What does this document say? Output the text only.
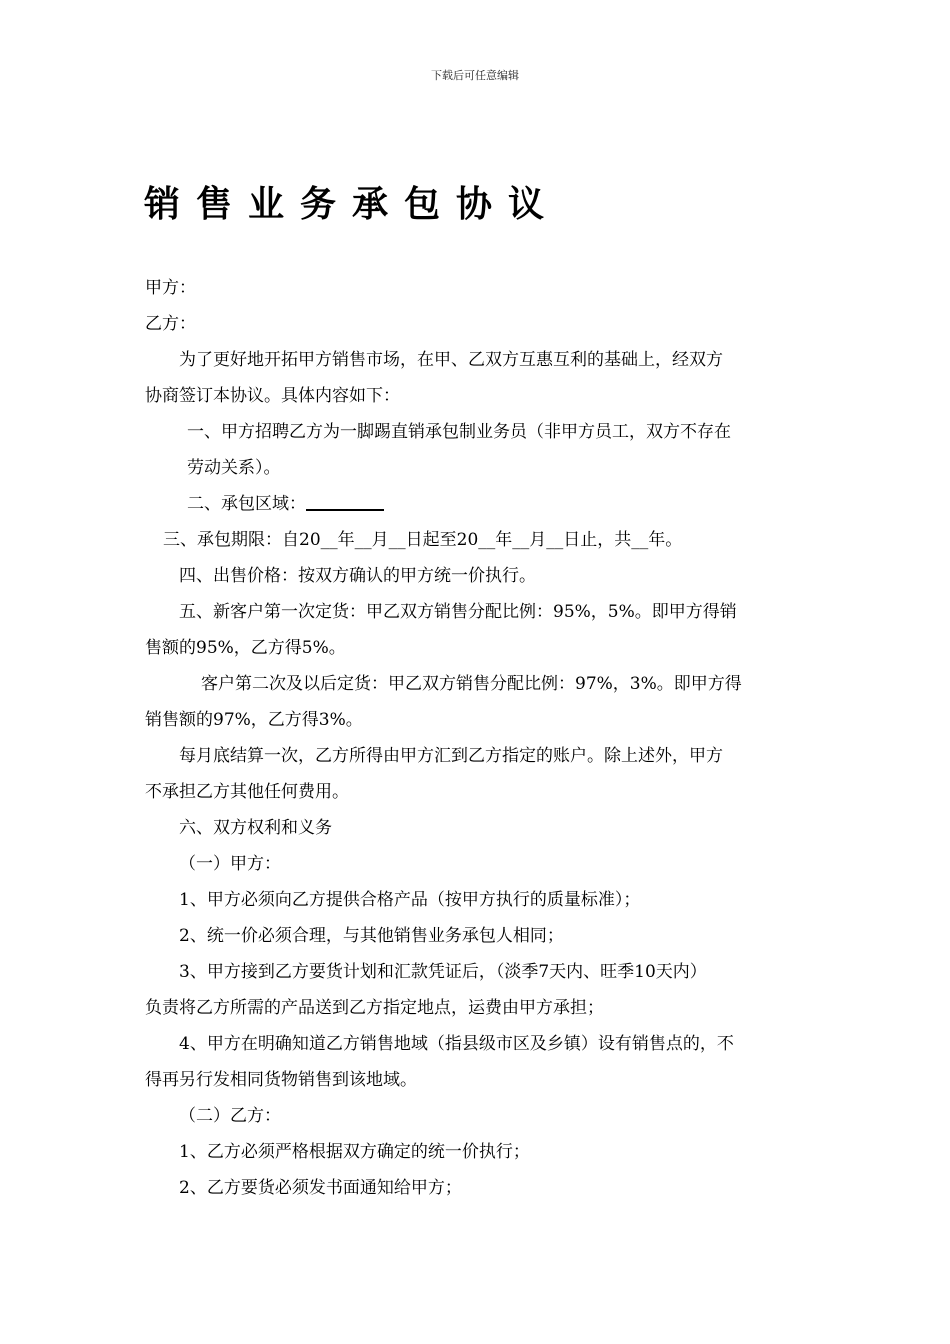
下载后可任意编辑
销售业务承包协议

甲方：

乙方：

为了更好地开拓甲方销售市场，在甲、乙双方互惠互利的基础上，经双方

协商签订本协议。具体内容如下：

一、甲方招聘乙方为一脚踢直销承包制业务员（非甲方员工，双方不存在

劳动关系）。

二、承包区域：

三、承包期限：自20__年__月__日起至20__年__月__日止，共__年。

四、出售价格：按双方确认的甲方统一价执行。

五、新客户第一次定货：甲乙双方销售分配比例：95%，5%。即甲方得销

售额的95%，乙方得5%。

客户第二次及以后定货：甲乙双方销售分配比例：97%，3%。即甲方得

销售额的97%，乙方得3%。

每月底结算一次，乙方所得由甲方汇到乙方指定的账户。除上述外，甲方

不承担乙方其他任何费用。

六、双方权利和义务

（一）甲方：

1、甲方必须向乙方提供合格产品（按甲方执行的质量标准）；

2、统一价必须合理，与其他销售业务承包人相同；

3、甲方接到乙方要货计划和汇款凭证后，（淡季7天内、旺季10天内）

负责将乙方所需的产品送到乙方指定地点，运费由甲方承担；

4、甲方在明确知道乙方销售地域（指县级市区及乡镇）设有销售点的，不

得再另行发相同货物销售到该地域。

（二）乙方：

1、乙方必须严格根据双方确定的统一价执行；

2、乙方要货必须发书面通知给甲方；
